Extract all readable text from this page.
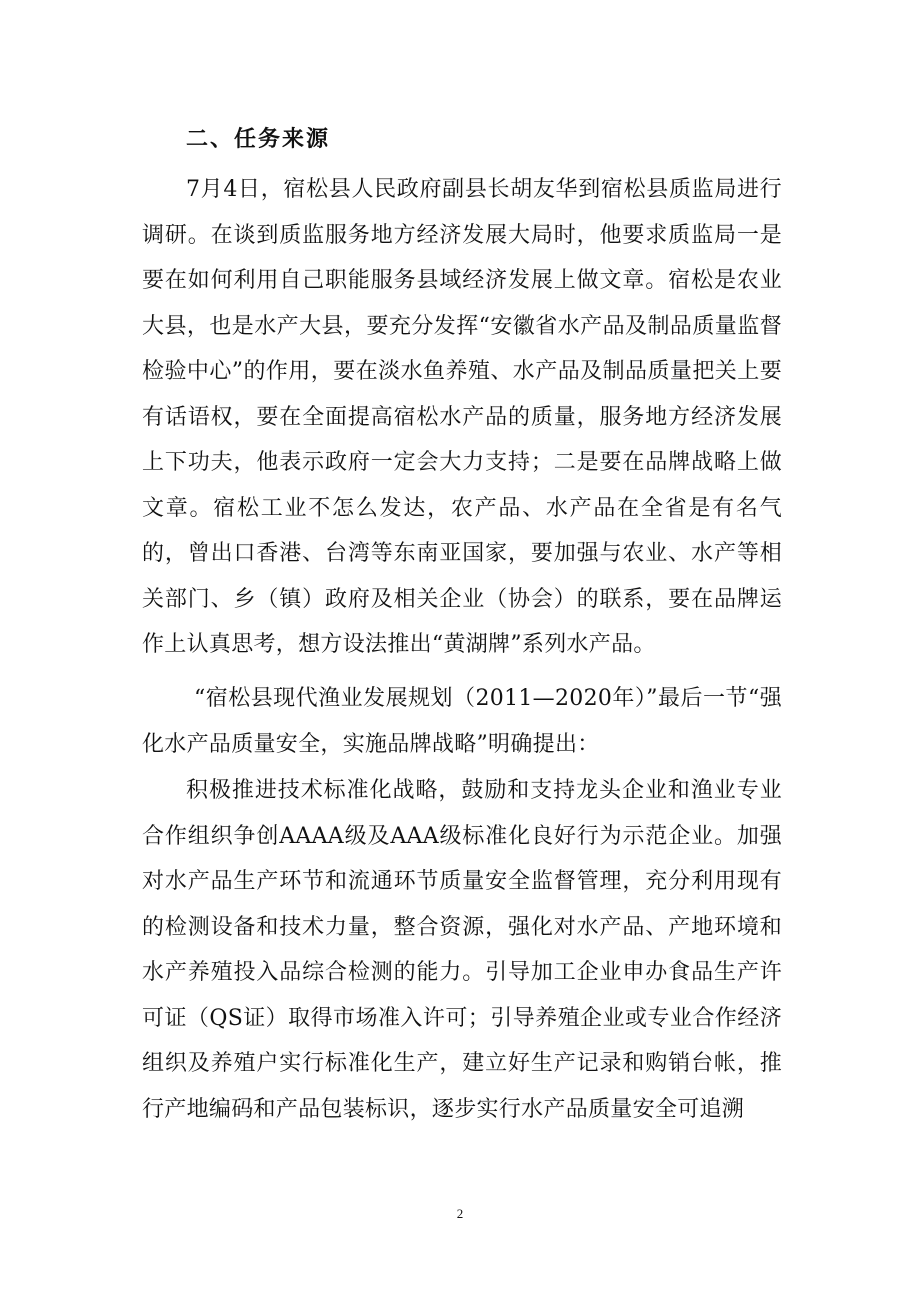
二、任务来源

7月4日，宿松县人民政府副县长胡友华到宿松县质监局进行调研。在谈到质监服务地方经济发展大局时，他要求质监局一是要在如何利用自己职能服务县域经济发展上做文章。宿松是农业大县，也是水产大县，要充分发挥“安徽省水产品及制品质量监督检验中心”的作用，要在淡水鱼养殖、水产品及制品质量把关上要有话语权，要在全面提高宿松水产品的质量，服务地方经济发展上下功夫，他表示政府一定会大力支持；二是要在品牌战略上做文章。宿松工业不怎么发达，农产品、水产品在全省是有名气的，曾出口香港、台湾等东南亚国家，要加强与农业、水产等相关部门、乡（镇）政府及相关企业（协会）的联系，要在品牌运作上认真思考，想方设法推出“黄湖牌”系列水产品。

“宿松县现代渔业发展规划（2011—2020年）”最后一节“强化水产品质量安全，实施品牌战略”明确提出：

积极推进技术标准化战略，鼓励和支持龙头企业和渔业专业合作组织争创AAAA级及AAA级标准化良好行为示范企业。加强对水产品生产环节和流通环节质量安全监督管理，充分利用现有的检测设备和技术力量，整合资源，强化对水产品、产地环境和水产养殖投入品综合检测的能力。引导加工企业申办食品生产许可证（QS证）取得市场准入许可；引导养殖企业或专业合作经济组织及养殖户实行标准化生产，建立好生产记录和购销台帐，推行产地编码和产品包装标识，逐步实行水产品质量安全可追溯

2
